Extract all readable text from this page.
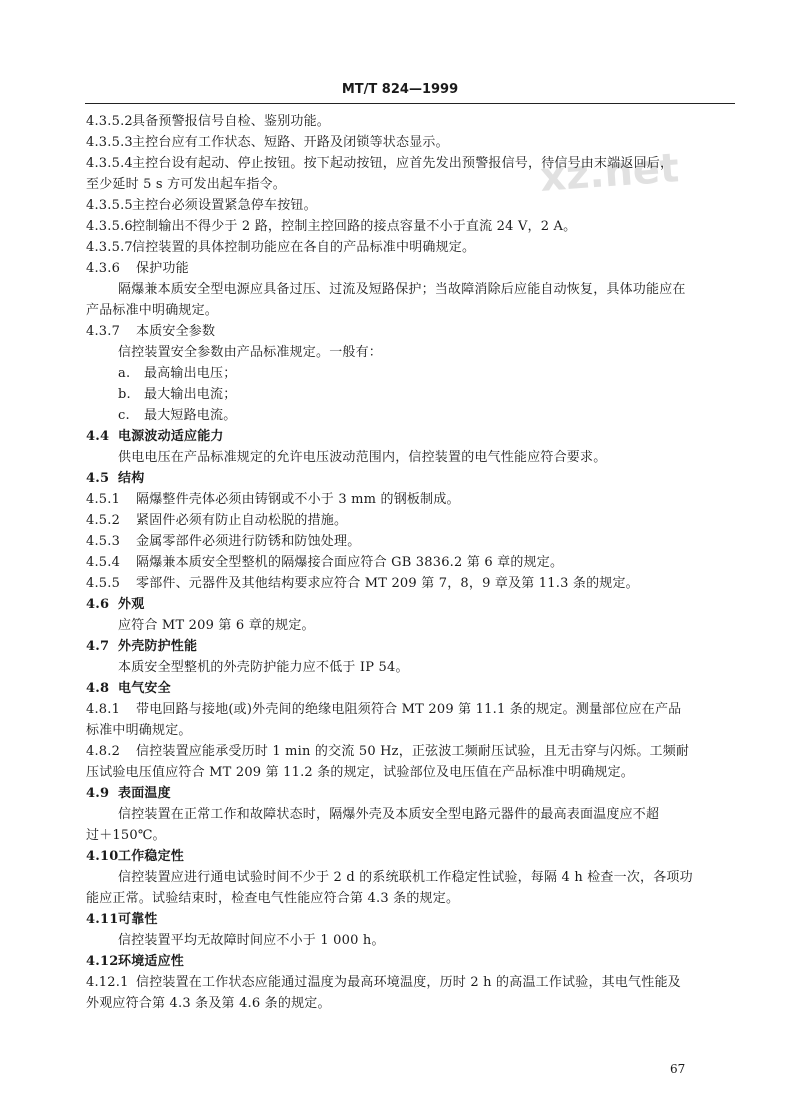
MT/T 824—1999
xz.net
4.3.5.2具备预警报信号自检、鉴别功能。
4.3.5.3主控台应有工作状态、短路、开路及闭锁等状态显示。
4.3.5.4主控台设有起动、停止按钮。按下起动按钮，应首先发出预警报信号，待信号由末端返回后，
至少延时 5 s 方可发出起车指令。
4.3.5.5主控台必须设置紧急停车按钮。
4.3.5.6控制输出不得少于 2 路，控制主控回路的接点容量不小于直流 24 V，2 A。
4.3.5.7信控装置的具体控制功能应在各自的产品标准中明确规定。
4.3.6 保护功能
隔爆兼本质安全型电源应具备过压、过流及短路保护；当故障消除后应能自动恢复，具体功能应在
产品标准中明确规定。
4.3.7 本质安全参数
信控装置安全参数由产品标准规定。一般有：
a. 最高输出电压；
b. 最大输出电流；
c. 最大短路电流。
4.4 电源波动适应能力
供电电压在产品标准规定的允许电压波动范围内，信控装置的电气性能应符合要求。
4.5 结构
4.5.1 隔爆整件壳体必须由铸钢或不小于 3 mm 的钢板制成。
4.5.2 紧固件必须有防止自动松脱的措施。
4.5.3 金属零部件必须进行防锈和防蚀处理。
4.5.4 隔爆兼本质安全型整机的隔爆接合面应符合 GB 3836.2 第 6 章的规定。
4.5.5 零部件、元器件及其他结构要求应符合 MT 209 第 7，8，9 章及第 11.3 条的规定。
4.6 外观
应符合 MT 209 第 6 章的规定。
4.7 外壳防护性能
本质安全型整机的外壳防护能力应不低于 IP 54。
4.8 电气安全
4.8.1 带电回路与接地(或)外壳间的绝缘电阻须符合 MT 209 第 11.1 条的规定。测量部位应在产品
标准中明确规定。
4.8.2 信控装置应能承受历时 1 min 的交流 50 Hz，正弦波工频耐压试验，且无击穿与闪烁。工频耐
压试验电压值应符合 MT 209 第 11.2 条的规定，试验部位及电压值在产品标准中明确规定。
4.9 表面温度
信控装置在正常工作和故障状态时，隔爆外壳及本质安全型电路元器件的最高表面温度应不超
过＋150℃。
4.10工作稳定性
信控装置应进行通电试验时间不少于 2 d 的系统联机工作稳定性试验，每隔 4 h 检查一次，各项功
能应正常。试验结束时，检查电气性能应符合第 4.3 条的规定。
4.11可靠性
信控装置平均无故障时间应不小于 1 000 h。
4.12环境适应性
4.12.1 信控装置在工作状态应能通过温度为最高环境温度，历时 2 h 的高温工作试验，其电气性能及
外观应符合第 4.3 条及第 4.6 条的规定。
67
